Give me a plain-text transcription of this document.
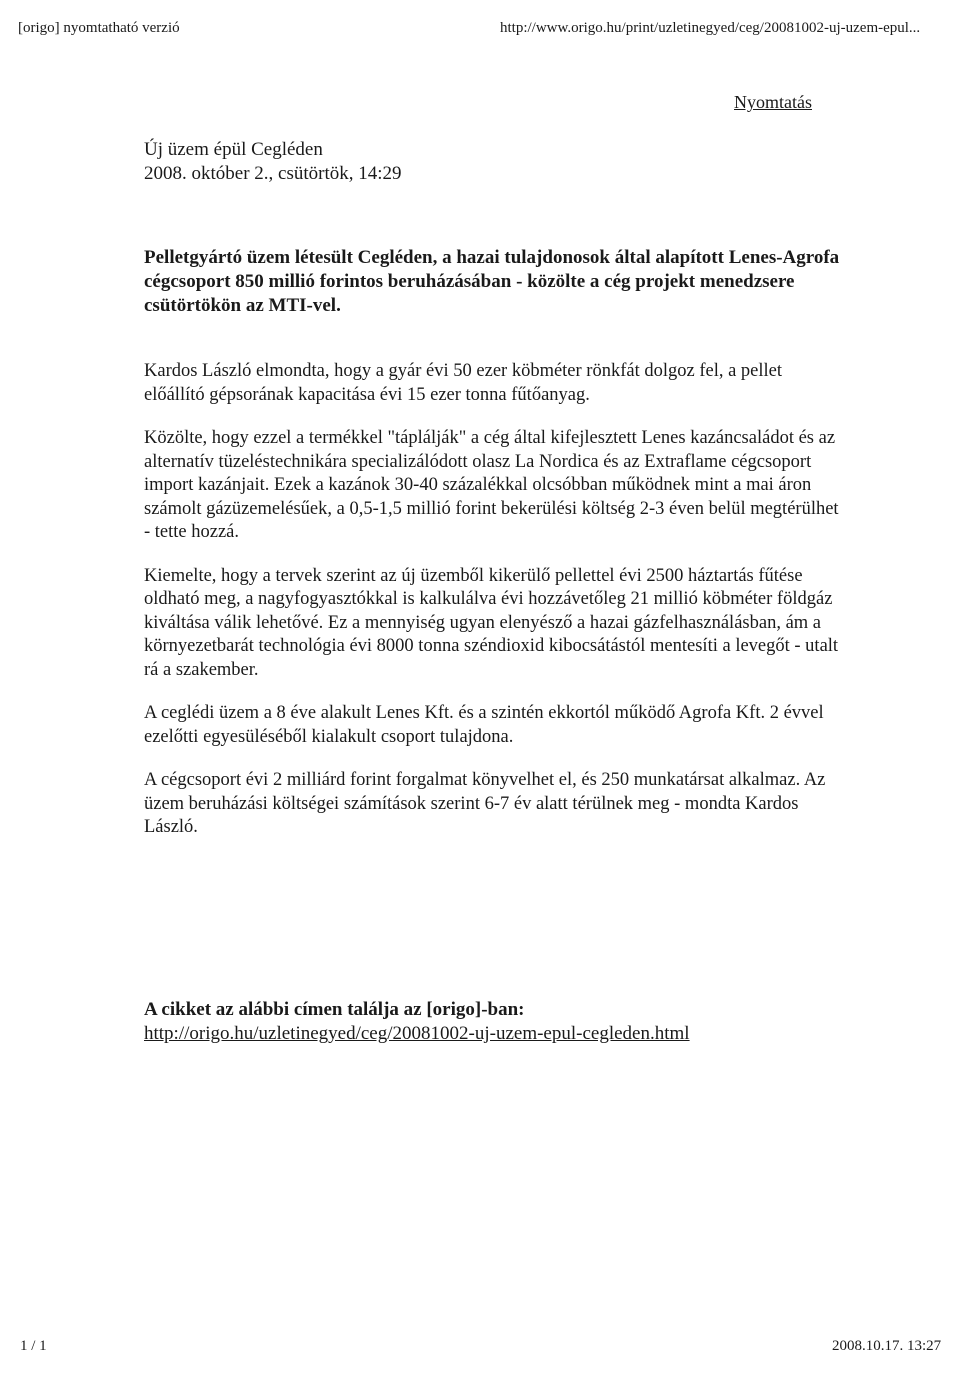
[origo] nyomtatható verzió	http://www.origo.hu/print/uzletinegyed/ceg/20081002-uj-uzem-epul...
Nyomtatás
Új üzem épül Cegléden
2008. október 2., csütörtök, 14:29
Pelletgyártó üzem létesült Cegléden, a hazai tulajdonosok által alapított Lenes-Agrofa cégcsoport 850 millió forintos beruházásában - közölte a cég projekt menedzsere csütörtökön az MTI-vel.

Kardos László elmondta, hogy a gyár évi 50 ezer köbméter rönkfát dolgoz fel, a pellet előállító gépsorának kapacitása évi 15 ezer tonna fűtőanyag.

Közölte, hogy ezzel a termékkel "táplálják" a cég által kifejlesztett Lenes kazáncsaládot és az alternatív tüzeléstechnikára specializálódott olasz La Nordica és az Extraflame cégcsoport import kazánjait. Ezek a kazánok 30-40 százalékkal olcsóbban működnek mint a mai áron számolt gázüzemelésűek, a 0,5-1,5 millió forint bekerülési költség 2-3 éven belül megtérülhet - tette hozzá.

Kiemelte, hogy a tervek szerint az új üzemből kikerülő pellettel évi 2500 háztartás fűtése oldható meg, a nagyfogyasztókkal is kalkulálva évi hozzávetőleg 21 millió köbméter földgáz kiváltása válik lehetővé. Ez a mennyiség ugyan elenyésző a hazai gázfelhasználásban, ám a környezetbarát technológia évi 8000 tonna széndioxid kibocsátástól mentesíti a levegőt - utalt rá a szakember.

A ceglédi üzem a 8 éve alakult Lenes Kft. és a szintén ekkortól működő Agrofa Kft. 2 évvel ezelőtti egyesüléséből kialakult csoport tulajdona.

A cégcsoport évi 2 milliárd forint forgalmat könyvelhet el, és 250 munkatársat alkalmaz. Az üzem beruházási költségei számítások szerint 6-7 év alatt térülnek meg - mondta Kardos László.

A cikket az alábbi címen találja az [origo]-ban:
http://origo.hu/uzletinegyed/ceg/20081002-uj-uzem-epul-cegleden.html
1 / 1	2008.10.17. 13:27
